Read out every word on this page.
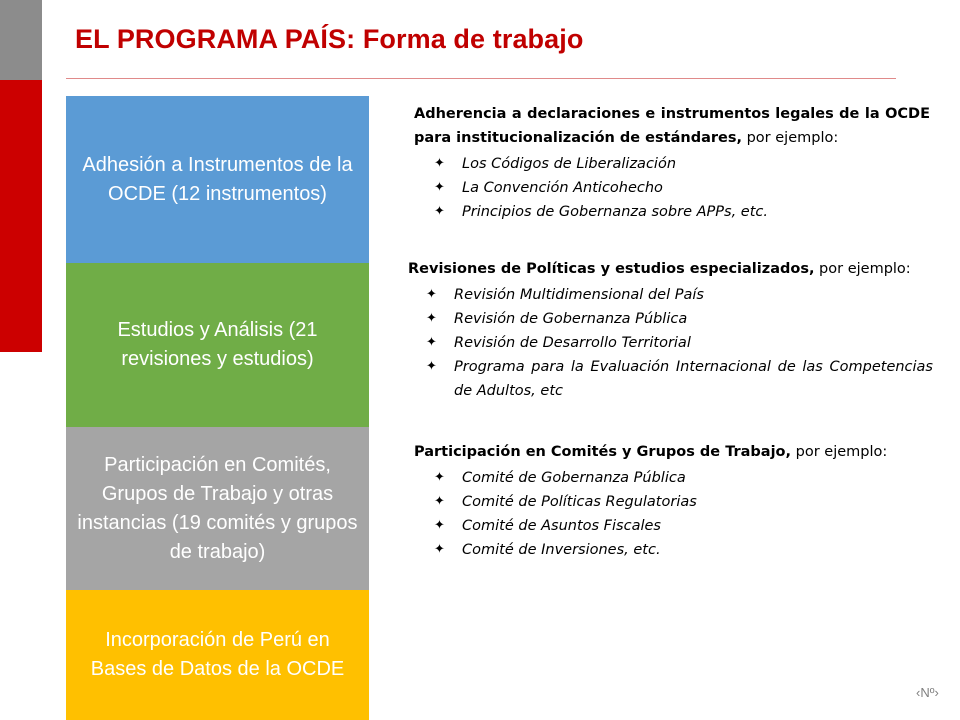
EL PROGRAMA PAÍS: Forma de trabajo
Adhesión a Instrumentos de la OCDE (12 instrumentos)
Estudios y Análisis (21 revisiones y estudios)
Participación en Comités, Grupos de Trabajo y otras instancias (19 comités y grupos de trabajo)
Incorporación de Perú en Bases de Datos de la OCDE
Adherencia a declaraciones e instrumentos legales de la OCDE para institucionalización de estándares, por ejemplo:
✦ Los Códigos de Liberalización
✦ La Convención Anticohecho
✦ Principios de Gobernanza sobre APPs, etc.
Revisiones de Políticas y estudios especializados, por ejemplo:
✦ Revisión Multidimensional del País
✦ Revisión de Gobernanza Pública
✦ Revisión de Desarrollo Territorial
✦ Programa para la Evaluación Internacional de las Competencias de Adultos, etc
Participación en Comités y Grupos de Trabajo, por ejemplo:
✦ Comité de Gobernanza Pública
✦ Comité de Políticas Regulatorias
✦ Comité de Asuntos Fiscales
✦ Comité de Inversiones, etc.
‹Nº›
